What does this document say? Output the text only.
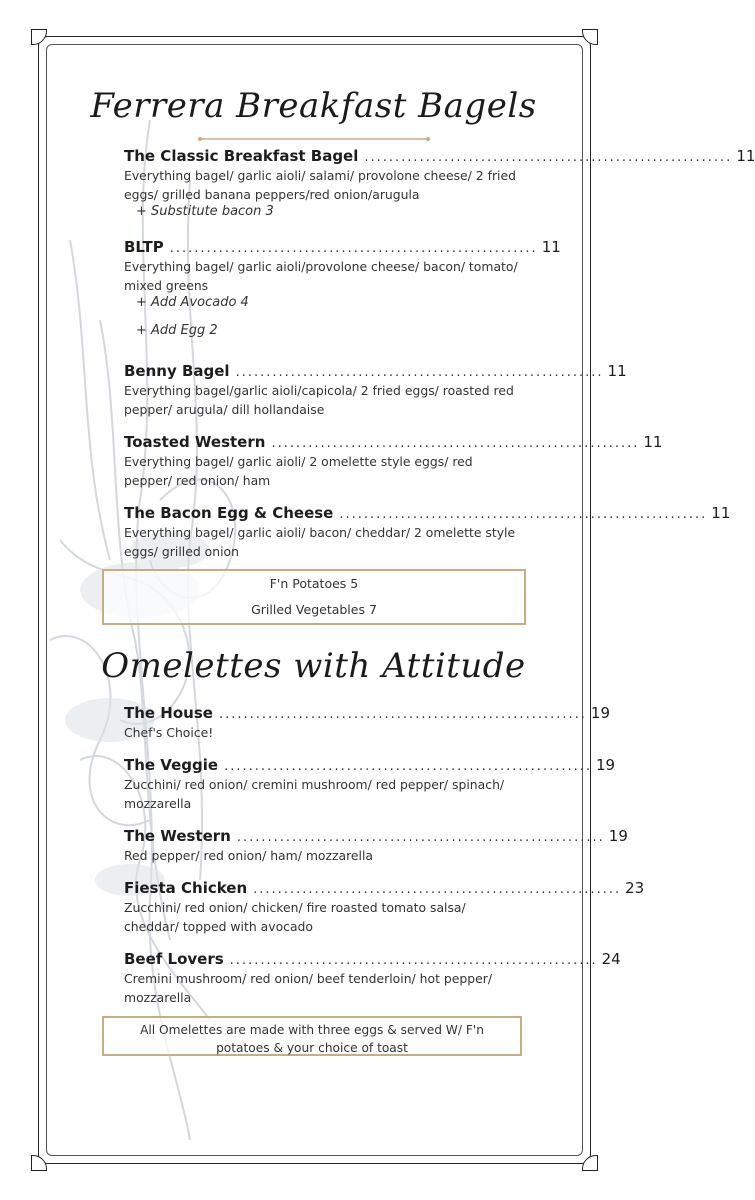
Ferrera Breakfast Bagels
The Classic Breakfast Bagel ............................................................ 11
Everything bagel/ garlic aioli/ salami/ provolone cheese/ 2 fried eggs/ grilled banana peppers/red onion/arugula
+ Substitute bacon 3
BLTP ............................................................ 11
Everything bagel/ garlic aioli/provolone cheese/ bacon/ tomato/ mixed greens
+ Add Avocado 4
+ Add Egg 2
Benny Bagel ............................................................ 11
Everything bagel/garlic aioli/capicola/ 2 fried eggs/ roasted red pepper/ arugula/ dill hollandaise
Toasted Western ............................................................ 11
Everything bagel/ garlic aioli/ 2 omelette style eggs/ red pepper/ red onion/ ham
The Bacon Egg & Cheese ............................................................ 11
Everything bagel/ garlic aioli/ bacon/ cheddar/ 2 omelette style eggs/ grilled onion
F'n Potatoes 5
Grilled Vegetables 7
Omelettes with Attitude
The House ............................................................ 19
Chef's Choice!
The Veggie ............................................................ 19
Zucchini/ red onion/ cremini mushroom/ red pepper/ spinach/ mozzarella
The Western ............................................................ 19
Red pepper/ red onion/ ham/ mozzarella
Fiesta Chicken ............................................................ 23
Zucchini/ red onion/ chicken/ fire roasted tomato salsa/ cheddar/ topped with avocado
Beef Lovers ............................................................ 24
Cremini mushroom/ red onion/ beef tenderloin/ hot pepper/ mozzarella
All Omelettes are made with three eggs & served W/ F'n potatoes & your choice of toast
